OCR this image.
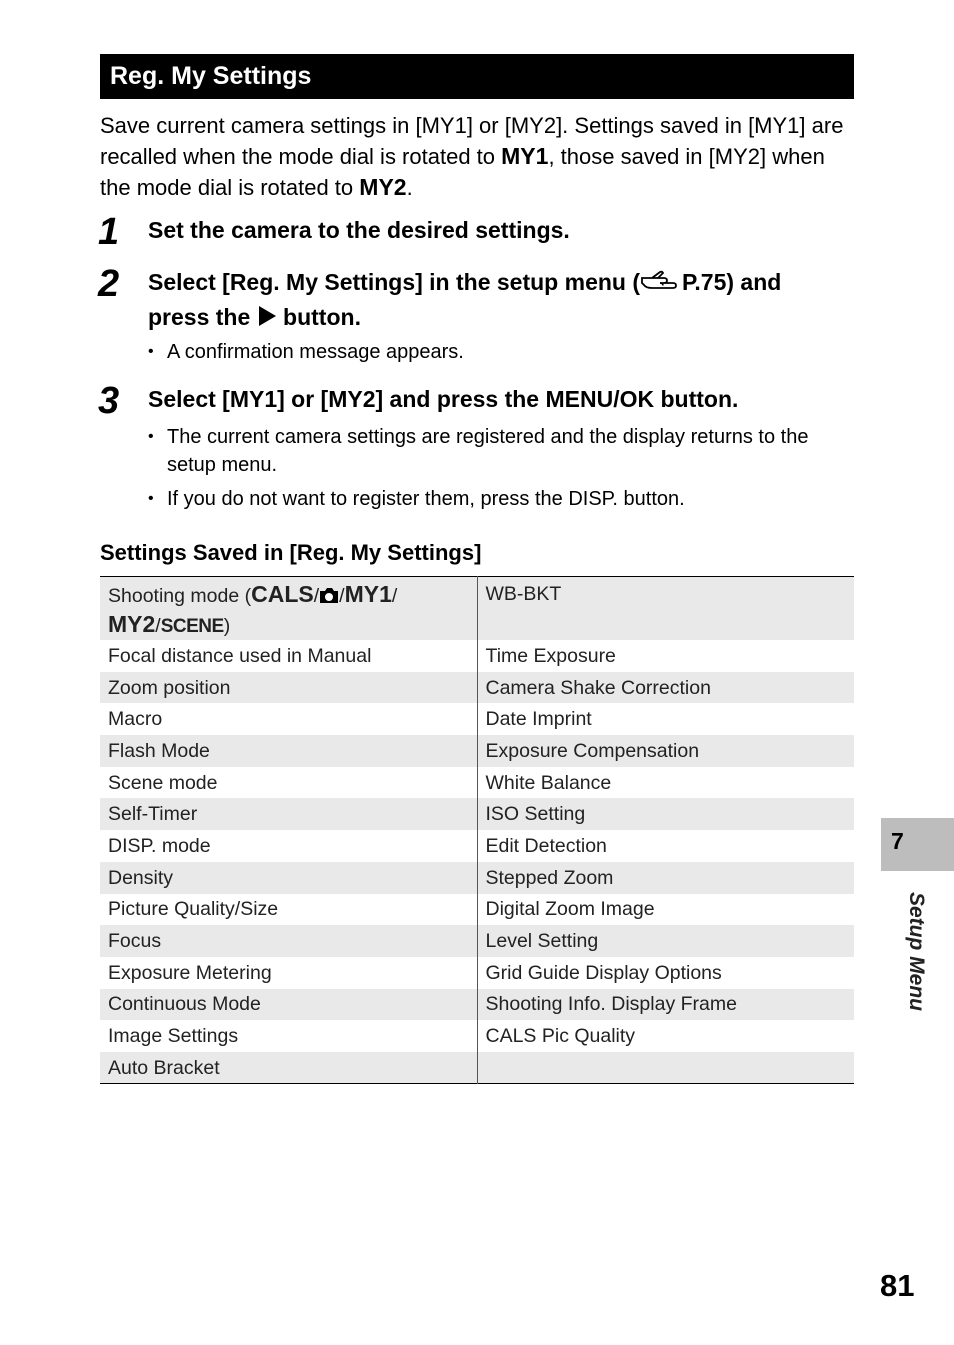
Reg. My Settings
Save current camera settings in [MY1] or [MY2]. Settings saved in [MY1] are recalled when the mode dial is rotated to MY1, those saved in [MY2] when the mode dial is rotated to MY2.
1 Set the camera to the desired settings.
2 Select [Reg. My Settings] in the setup menu ( P.75) and
press the button.
• A confirmation message appears.
3 Select [MY1] or [MY2] and press the MENU/OK button.
• The current camera settings are registered and the display returns to the setup menu.
• If you do not want to register them, press the DISP. button.
Settings Saved in [Reg. My Settings]
Shooting mode (CALS/ /MY1/
MY2/SCENE)	WB-BKT
Focal distance used in Manual	Time Exposure
Zoom position	Camera Shake Correction
Macro	Date Imprint
Flash Mode	Exposure Compensation
Scene mode	White Balance
Self-Timer	ISO Setting
DISP. mode	Edit Detection
Density	Stepped Zoom
Picture Quality/Size	Digital Zoom Image
Focus	Level Setting
Exposure Metering	Grid Guide Display Options
Continuous Mode	Shooting Info. Display Frame
Image Settings	CALS Pic Quality
Auto Bracket	
7
Setup Menu
81
